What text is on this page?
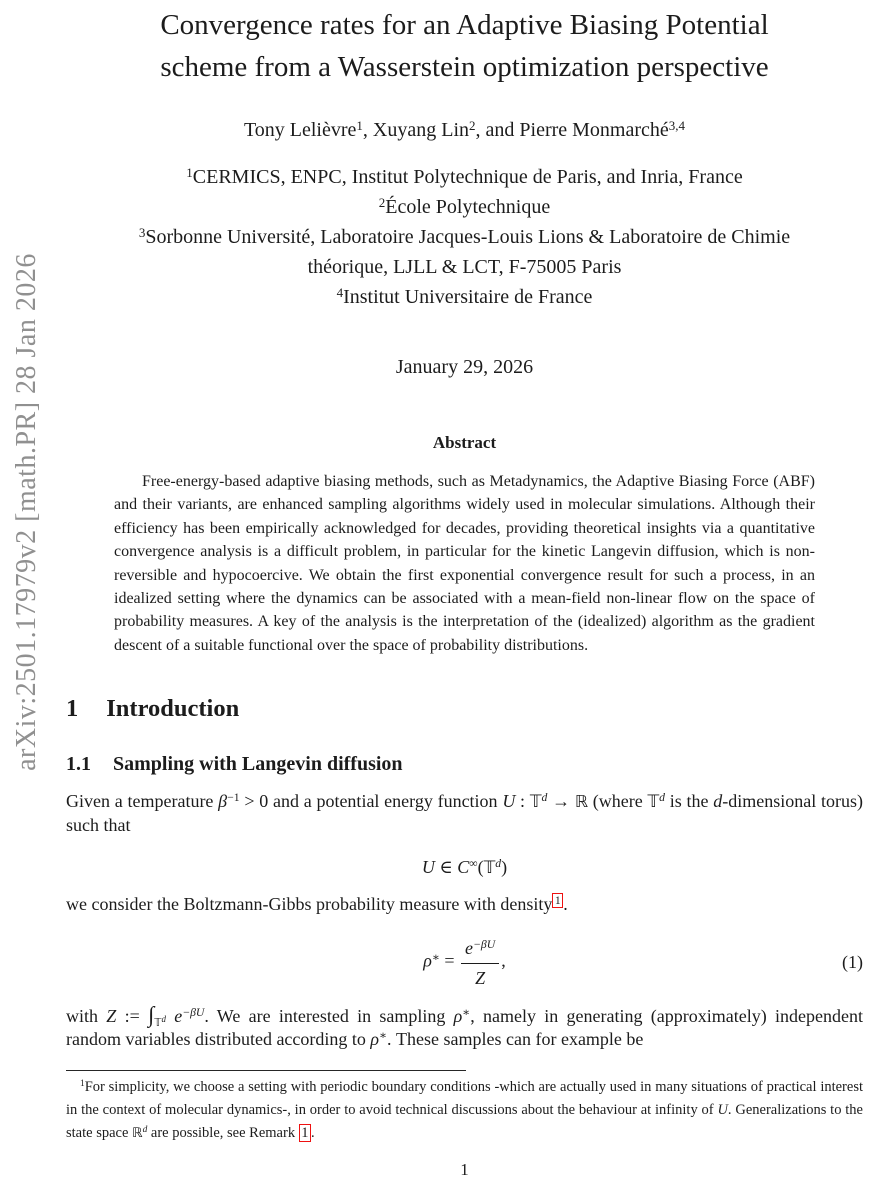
arXiv:2501.17979v2 [math.PR] 28 Jan 2026
Convergence rates for an Adaptive Biasing Potential
scheme from a Wasserstein optimization perspective
Tony Lelièvre$^1$, Xuyang Lin$^2$, and Pierre Monmarché$^{3,4}$
$^1$CERMICS, ENPC, Institut Polytechnique de Paris, and Inria, France
$^2$École Polytechnique
$^3$Sorbonne Université, Laboratoire Jacques-Louis Lions & Laboratoire de Chimie théorique, LJLL & LCT, F-75005 Paris
$^4$Institut Universitaire de France
January 29, 2026
Abstract

Free-energy-based adaptive biasing methods, such as Metadynamics, the Adaptive Biasing Force (ABF) and their variants, are enhanced sampling algorithms widely used in molecular simulations. Although their efficiency has been empirically acknowledged for decades, providing theoretical insights via a quantitative convergence analysis is a difficult problem, in particular for the kinetic Langevin diffusion, which is non-reversible and hypocoercive. We obtain the first exponential convergence result for such a process, in an idealized setting where the dynamics can be associated with a mean-field non-linear flow on the space of probability measures. A key of the analysis is the interpretation of the (idealized) algorithm as the gradient descent of a suitable functional over the space of probability distributions.

1 Introduction
1.1 Sampling with Langevin diffusion

Given a temperature $\beta^{-1} > 0$ and a potential energy function U : 𝕋$^d$ → ℝ (where 𝕋$^d$ is the d-dimensional torus) such that

U ∈ C∞(𝕋$^d$)

we consider the Boltzmann-Gibbs probability measure with density $^1$ .

$\rho^∗ = \frac{e^{-\beta U}}{Z}$ ,	(1)

with Z := $\int_{𝕋^d}$ $e^{-\beta U}$. We are interested in sampling ρ∗, namely in generating (approximately) independent random variables distributed according to ρ∗. These samples can for example be

$^1$For simplicity, we choose a setting with periodic boundary conditions -which are actually used in many situations of practical interest in the context of molecular dynamics-, in order to avoid technical discussions about the behaviour at infinity of U. Generalizations to the state space ℝ$^d$ are possible, see Remark 1 .

1
